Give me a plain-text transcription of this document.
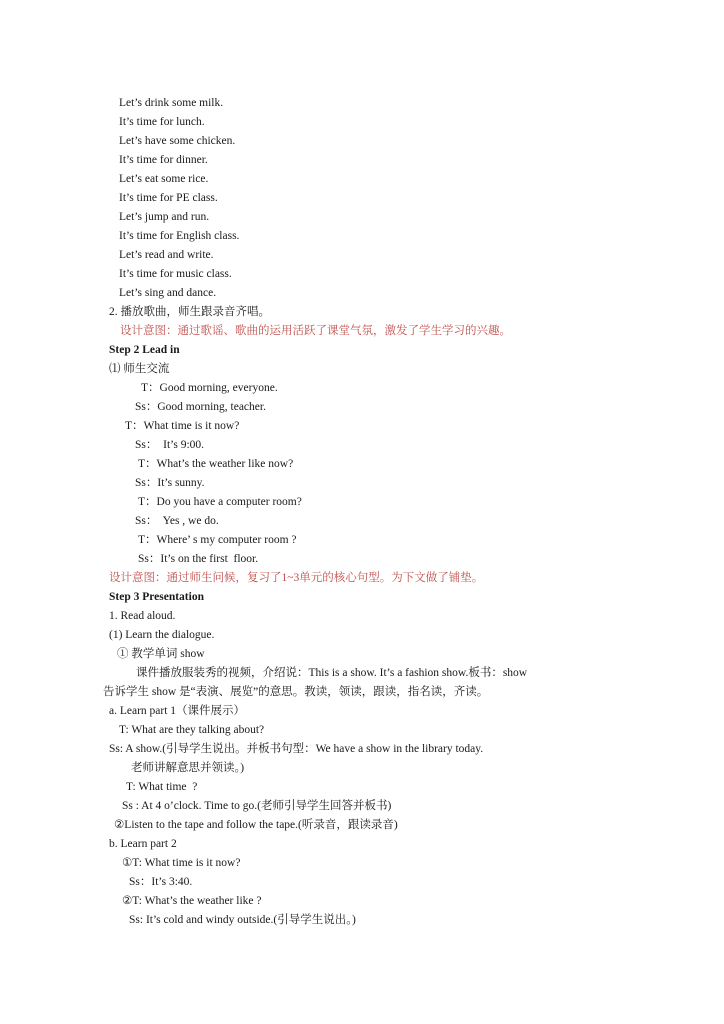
Let’s drink some milk.
It’s time for lunch.
Let’s have some chicken.
It’s time for dinner.
Let’s eat some rice.
It’s time for PE class.
Let’s jump and run.
It’s time for English class.
Let’s read and write.
It’s time for music class.
Let’s sing and dance.
2. 播放歌曲，师生跟录音齐唱。
设计意图：通过歌谣、歌曲的运用活跃了课堂气氛，激发了学生学习的兴趣。
Step 2 Lead in
⑴ 师生交流
T：Good morning, everyone.
Ss：Good morning, teacher.
T：What time is it now?
Ss：  It’s 9:00.
T：What’s the weather like now?
Ss：It’s sunny.
T：Do you have a computer room?
Ss：  Yes , we do.
T：Where’ s my computer room ?
Ss：It’s on the first  floor.
设计意图：通过师生问候，复习了1~3单元的核心句型。为下文做了铺垫。
Step 3 Presentation
1. Read aloud.
(1) Learn the dialogue.
① 教学单词 show
课件播放服装秀的视频，介绍说：This is a show. It’s a fashion show.板书：show
告诉学生 show 是“表演、展览”的意思。教读，领读，跟读，指名读，齐读。
a. Learn part 1（课件展示）
T: What are they talking about?
Ss: A show.(引导学生说出。并板书句型：We have a show in the library today.
老师讲解意思并领读。)
T: What time  ?
Ss : At 4 o’clock. Time to go.(老师引导学生回答并板书)
②Listen to the tape and follow the tape.(听录音，跟读录音)
b. Learn part 2
①T: What time is it now?
Ss：It’s 3:40.
②T: What’s the weather like ?
Ss: It’s cold and windy outside.(引导学生说出。)
